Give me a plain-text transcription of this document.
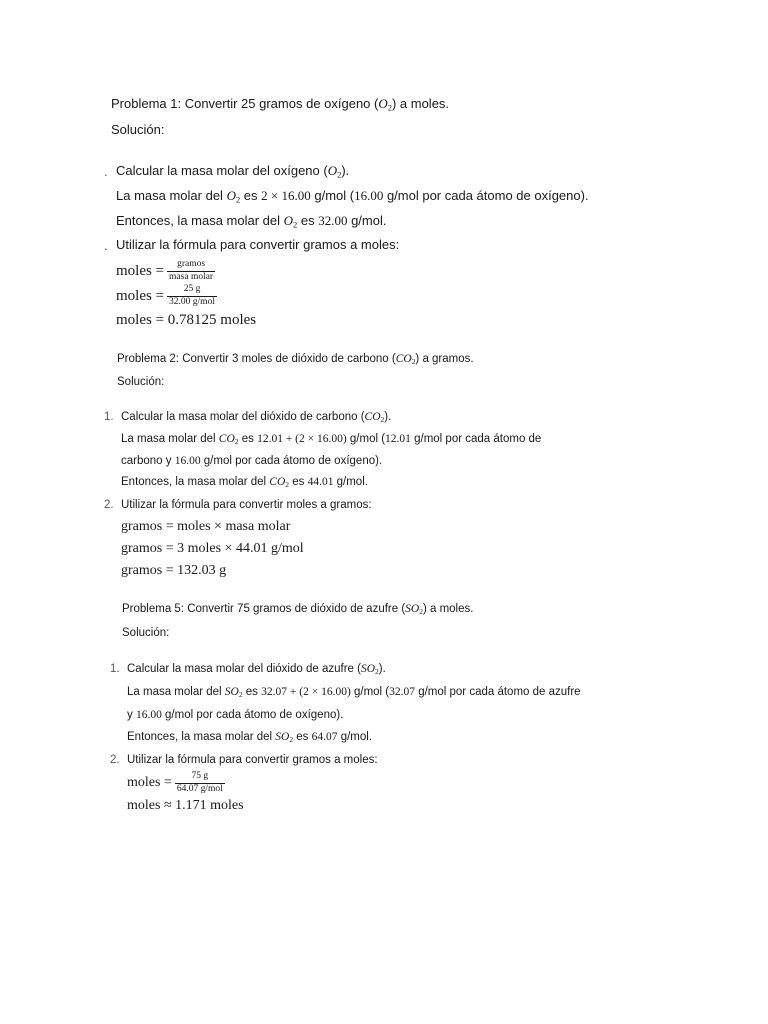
Problema 1: Convertir 25 gramos de oxígeno $(O_2)$ a moles.
Solución:
. Calcular la masa molar del oxígeno $(O_2)$.
La masa molar del $O_2$ es 2 × 16.00 g/mol (16.00 g/mol por cada átomo de oxígeno).
Entonces, la masa molar del $O_2$ es 32.00 g/mol.
. Utilizar la fórmula para convertir gramos a moles:
moles = $\frac{\text{gramos}}{\text{masa molar}}$
moles = $\frac{25 g}{\text{32.00 g/mol}}$
moles = 0.78125 moles
Problema 2: Convertir 3 moles de dióxido de carbono $(CO_2)$ a gramos.
Solución:
1. Calcular la masa molar del dióxido de carbono $(CO_2)$.
La masa molar del $CO_2$ es 12.01 + (2 × 16.00) g/mol (12.01 g/mol por cada átomo de
carbono y 16.00 g/mol por cada átomo de oxígeno).
Entonces, la masa molar del $CO_2$ es 44.01 g/mol.
2. Utilizar la fórmula para convertir moles a gramos:
gramos = moles × masa molar
gramos = 3 moles × 44.01 g/mol
gramos = 132.03 g
Problema 5: Convertir 75 gramos de dióxido de azufre $(SO_2)$ a moles.
Solución:
1. Calcular la masa molar del dióxido de azufre $(SO_2)$.
La masa molar del $SO_2$ es 32.07 + (2 × 16.00) g/mol (32.07 g/mol por cada átomo de azufre
y 16.00 g/mol por cada átomo de oxígeno).
Entonces, la masa molar del $SO_2$ es 64.07 g/mol.
2. Utilizar la fórmula para convertir gramos a moles:
moles = $\frac{75 g}{\text{64.07 g/mol}}$
moles ≈ 1.171 moles
